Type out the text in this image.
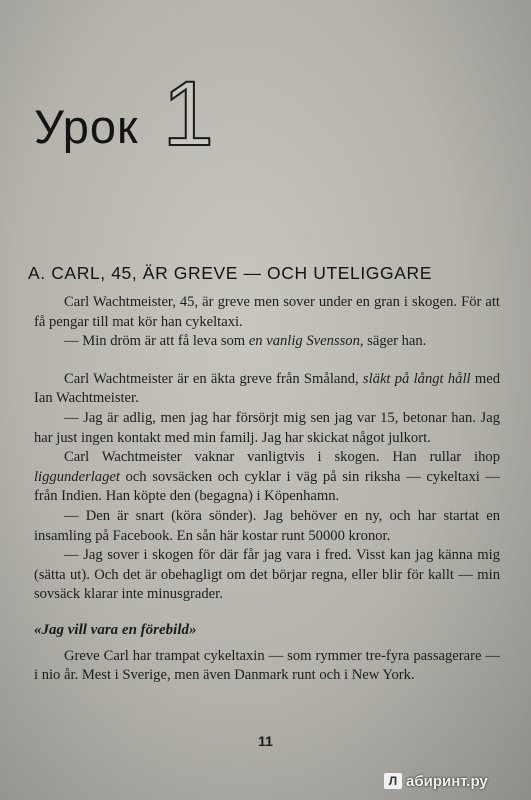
Урок 1
A. CARL, 45, ÄR GREVE — OCH UTELIGGARE

Carl Wachtmeister, 45, är greve men sover under en gran i skogen. För att få pengar till mat kör han cykeltaxi.

— Min dröm är att få leva som en vanlig Svensson, säger han.

Carl Wachtmeister är en äkta greve från Småland, släkt på långt håll med Ian Wachtmeister.

— Jag är adlig, men jag har försörjt mig sen jag var 15, betonar han. Jag har just ingen kontakt med min familj. Jag har skickat något julkort.

Carl Wachtmeister vaknar vanligtvis i skogen. Han rullar ihop liggunderlaget och sovsäcken och cyklar i väg på sin riksha — cykeltaxi — från Indien. Han köpte den (begagna) i Köpenhamn.

— Den är snart (köra sönder). Jag behöver en ny, och har startat en insamling på Facebook. En sån här kostar runt 50000 kronor.

— Jag sover i skogen för där får jag vara i fred. Visst kan jag känna mig (sätta ut). Och det är obehagligt om det börjar regna, eller blir för kallt — min sovsäck klarar inte minusgrader.

«Jag vill vara en förebild»

Greve Carl har trampat cykeltaxin — som rymmer tre-fyra passagerare — i nio år. Mest i Sverige, men även Danmark runt och i New York.

11
Л абиринт.ру
